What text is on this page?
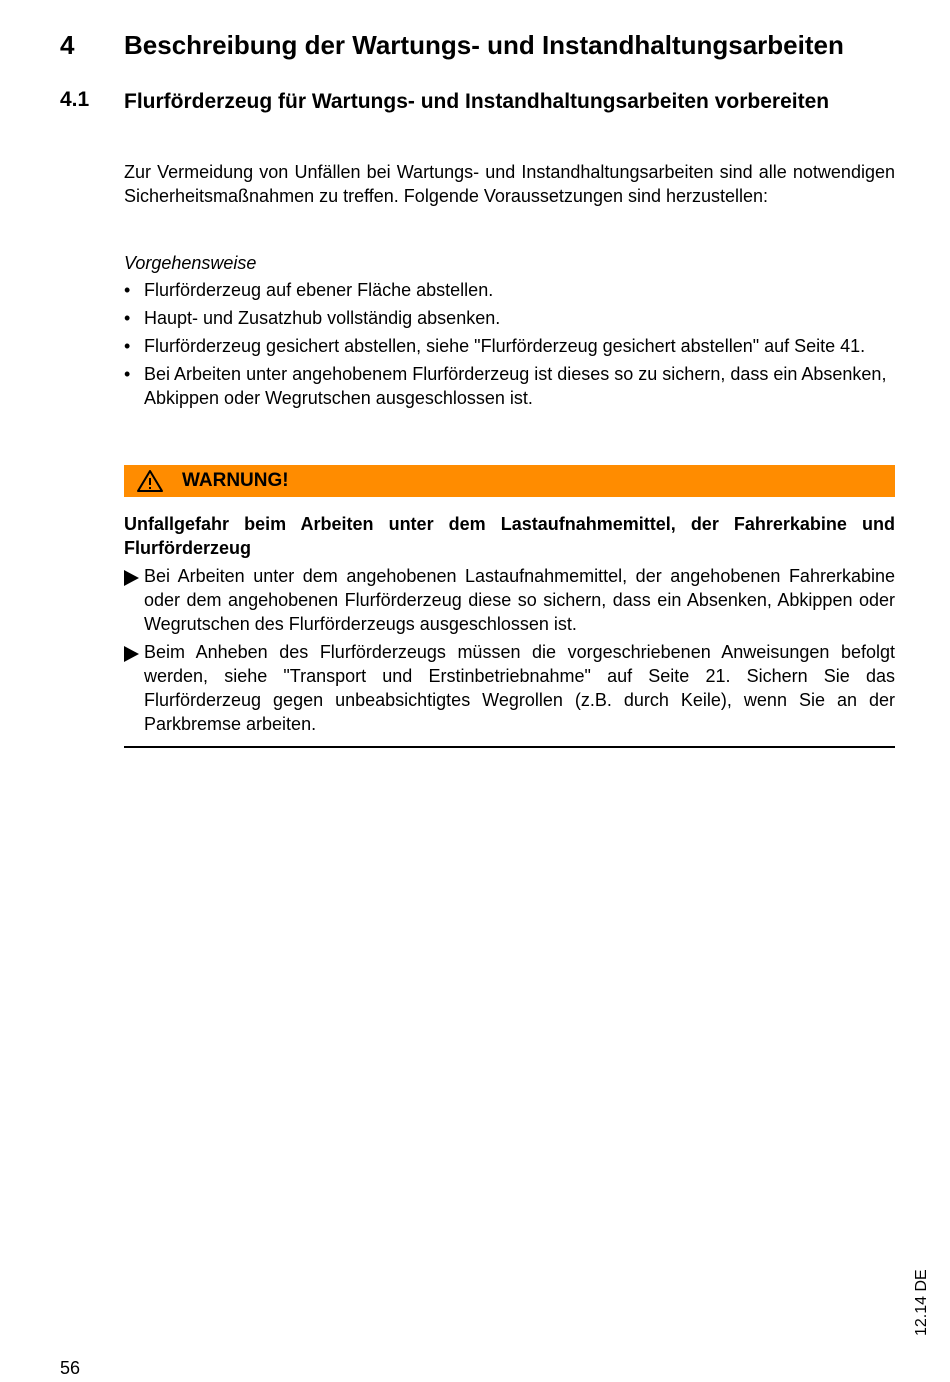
4 Beschreibung der Wartungs- und Instandhaltungsarbeiten
4.1 Flurförderzeug für Wartungs- und Instandhaltungsarbeiten vorbereiten
Zur Vermeidung von Unfällen bei Wartungs- und Instandhaltungsarbeiten sind alle notwendigen Sicherheitsmaßnahmen zu treffen. Folgende Voraussetzungen sind herzustellen:
Vorgehensweise
• Flurförderzeug auf ebener Fläche abstellen.
• Haupt- und Zusatzhub vollständig absenken.
• Flurförderzeug gesichert abstellen, siehe "Flurförderzeug gesichert abstellen" auf Seite 41.
• Bei Arbeiten unter angehobenem Flurförderzeug ist dieses so zu sichern, dass ein Absenken, Abkippen oder Wegrutschen ausgeschlossen ist.
WARNUNG!
Unfallgefahr beim Arbeiten unter dem Lastaufnahmemittel, der Fahrerkabine und Flurförderzeug
Bei Arbeiten unter dem angehobenen Lastaufnahmemittel, der angehobenen Fahrerkabine oder dem angehobenen Flurförderzeug diese so sichern, dass ein Absenken, Abkippen oder Wegrutschen des Flurförderzeugs ausgeschlossen ist.
Beim Anheben des Flurförderzeugs müssen die vorgeschriebenen Anweisungen befolgt werden, siehe "Transport und Erstinbetriebnahme" auf Seite 21. Sichern Sie das Flurförderzeug gegen unbeabsichtigtes Wegrollen (z.B. durch Keile), wenn Sie an der Parkbremse arbeiten.
56
12.14 DE
